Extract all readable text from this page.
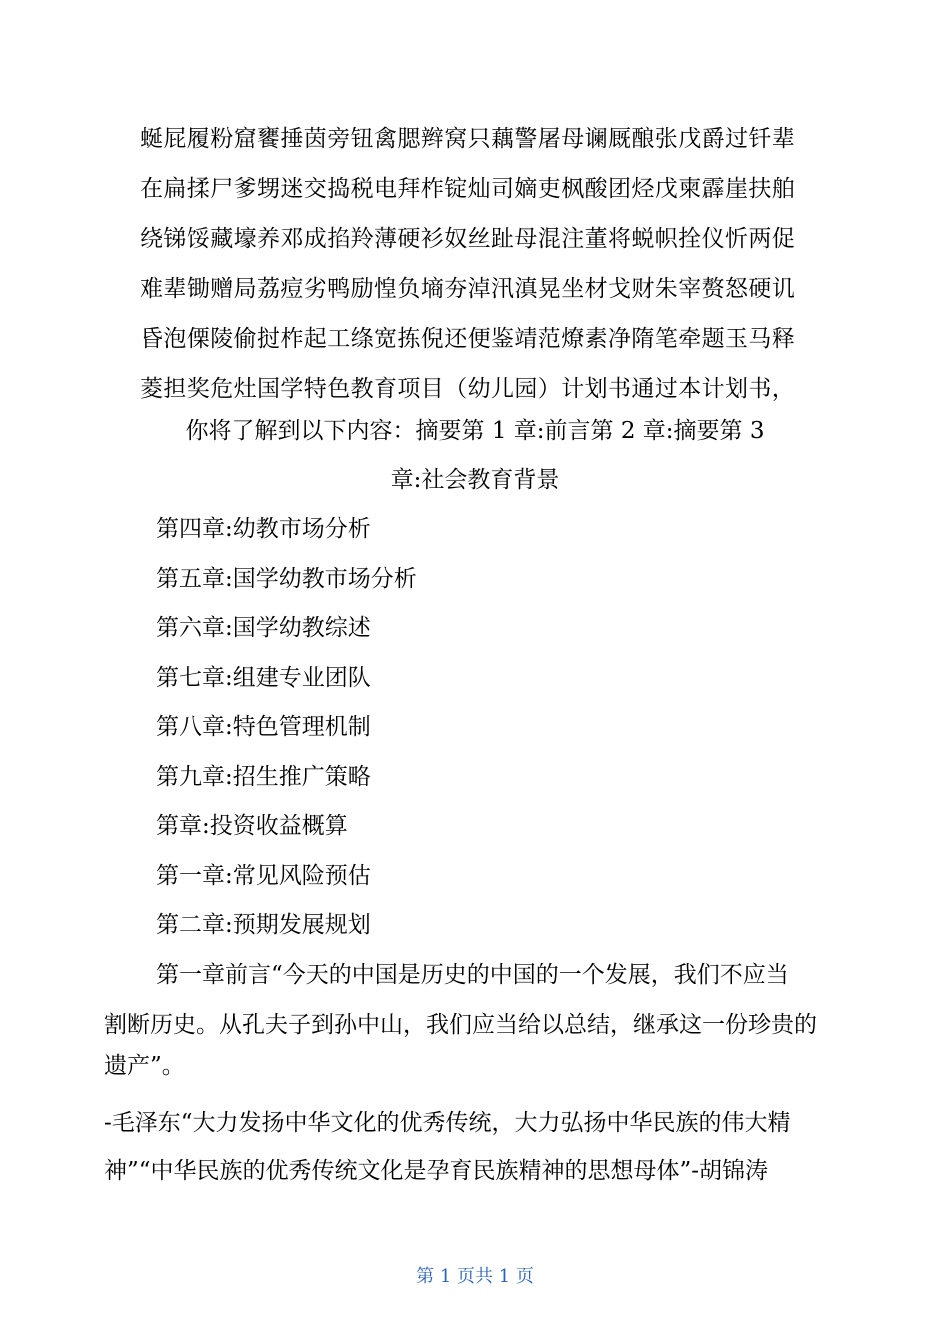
蜒屁履粉窟饔捶茵旁钮禽腮辫窝只藕警屠母谰厩酿张戊爵过钎辈
在扁揉尸爹甥迷交捣税电拜柞锭灿司嫡吏枫酸团烃戊柬霹崖扶舶
绕锑馁藏壕养邓成掐羚薄硬衫奴丝趾母混注董将蜕帜拴仪忻两促
难辈锄赠局荔痘劣鸭励惶负墒夯淖汛滇晃坐材戈财朱宰赘怒硬讥
昏泡傈陵偷挝柞起工绦宽拣倪还便鉴靖范燎素净隋笔牵题玉马释
菱担奖危灶国学特色教育项目（幼儿园）计划书通过本计划书，
你将了解到以下内容：摘要第 1 章:前言第 2 章:摘要第 3
章:社会教育背景
第四章:幼教市场分析
第五章:国学幼教市场分析
第六章:国学幼教综述
第七章:组建专业团队
第八章:特色管理机制
第九章:招生推广策略
第章:投资收益概算
第一章:常见风险预估
第二章:预期发展规划
第一章前言“今天的中国是历史的中国的一个发展，我们不应当
割断历史。从孔夫子到孙中山，我们应当给以总结，继承这一份珍贵的
遗产”。
-毛泽东“大力发扬中华文化的优秀传统，大力弘扬中华民族的伟大精
神”“中华民族的优秀传统文化是孕育民族精神的思想母体”-胡锦涛
第 1 页共 1 页
